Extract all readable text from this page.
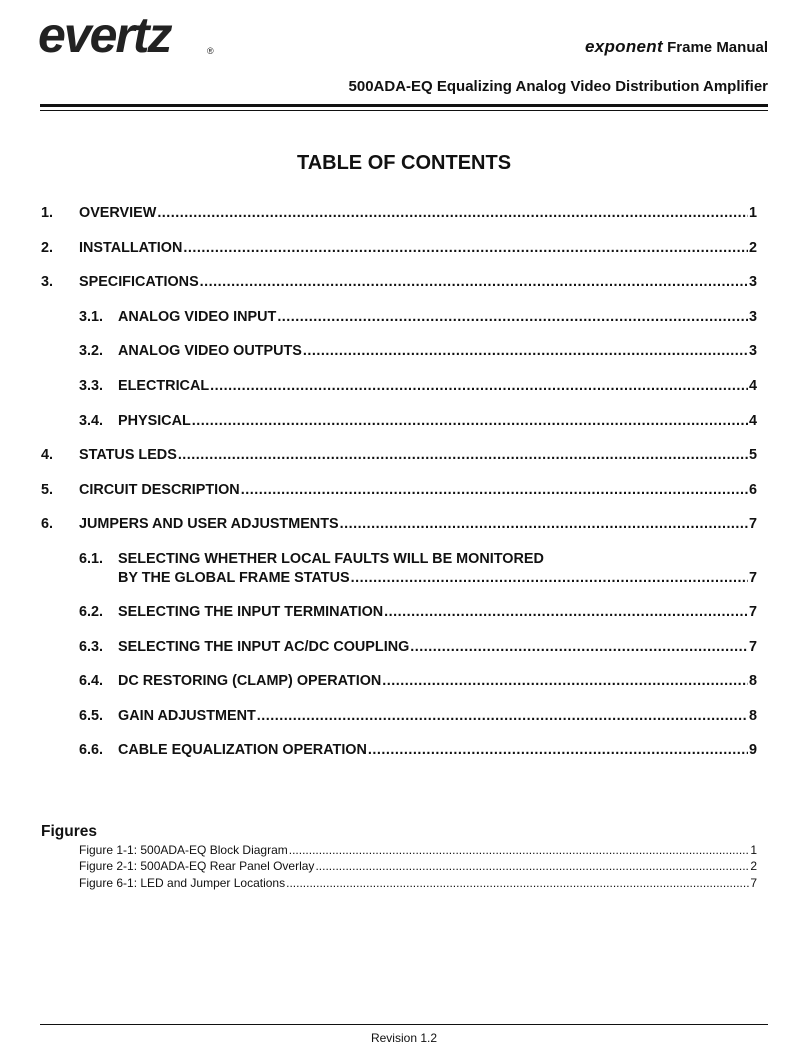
evertz	®	exponent Frame Manual
500ADA-EQ Equalizing Analog Video Distribution Amplifier
TABLE OF CONTENTS
1. OVERVIEW .....	1
2. INSTALLATION .....	2
3. SPECIFICATIONS .....	3
3.1. ANALOG VIDEO INPUT .....	3
3.2. ANALOG VIDEO OUTPUTS .....	3
3.3. ELECTRICAL .....	4
3.4. PHYSICAL .....	4
4. STATUS LEDS .....	5
5. CIRCUIT DESCRIPTION .....	6
6. JUMPERS AND USER ADJUSTMENTS .....	7
6.1. SELECTING WHETHER LOCAL FAULTS WILL BE MONITORED
BY THE GLOBAL FRAME STATUS .....	7
6.2. SELECTING THE INPUT TERMINATION .....	7
6.3. SELECTING THE INPUT AC/DC COUPLING .....	7
6.4. DC RESTORING (CLAMP) OPERATION .....	8
6.5. GAIN ADJUSTMENT .....	8
6.6. CABLE EQUALIZATION OPERATION .....	9
Figures
Figure 1-1: 500ADA-EQ Block Diagram .....	1
Figure 2-1: 500ADA-EQ Rear Panel Overlay .....	2
Figure 6-1: LED and Jumper Locations .....	7
Revision 1.2
